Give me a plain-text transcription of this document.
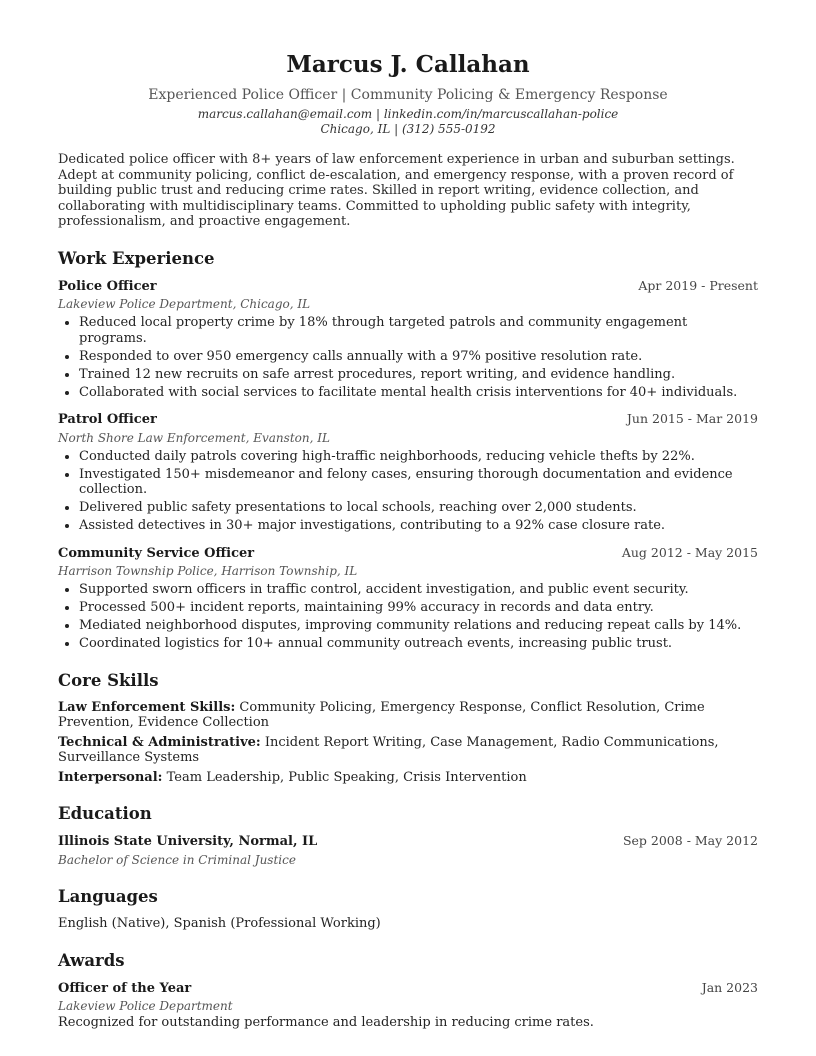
Marcus J. Callahan
Experienced Police Officer | Community Policing & Emergency Response
marcus.callahan@email.com | linkedin.com/in/marcuscallahan-police
Chicago, IL | (312) 555-0192
Dedicated police officer with 8+ years of law enforcement experience in urban and suburban settings. Adept at community policing, conflict de-escalation, and emergency response, with a proven record of building public trust and reducing crime rates. Skilled in report writing, evidence collection, and collaborating with multidisciplinary teams. Committed to upholding public safety with integrity, professionalism, and proactive engagement.
Work Experience
Police Officer	Apr 2019 - Present
Lakeview Police Department, Chicago, IL
• Reduced local property crime by 18% through targeted patrols and community engagement programs.
• Responded to over 950 emergency calls annually with a 97% positive resolution rate.
• Trained 12 new recruits on safe arrest procedures, report writing, and evidence handling.
• Collaborated with social services to facilitate mental health crisis interventions for 40+ individuals.
Patrol Officer	Jun 2015 - Mar 2019
North Shore Law Enforcement, Evanston, IL
• Conducted daily patrols covering high-traffic neighborhoods, reducing vehicle thefts by 22%.
• Investigated 150+ misdemeanor and felony cases, ensuring thorough documentation and evidence collection.
• Delivered public safety presentations to local schools, reaching over 2,000 students.
• Assisted detectives in 30+ major investigations, contributing to a 92% case closure rate.
Community Service Officer	Aug 2012 - May 2015
Harrison Township Police, Harrison Township, IL
• Supported sworn officers in traffic control, accident investigation, and public event security.
• Processed 500+ incident reports, maintaining 99% accuracy in records and data entry.
• Mediated neighborhood disputes, improving community relations and reducing repeat calls by 14%.
• Coordinated logistics for 10+ annual community outreach events, increasing public trust.
Core Skills
Law Enforcement Skills: Community Policing, Emergency Response, Conflict Resolution, Crime Prevention, Evidence Collection
Technical & Administrative: Incident Report Writing, Case Management, Radio Communications, Surveillance Systems
Interpersonal: Team Leadership, Public Speaking, Crisis Intervention
Education
Illinois State University, Normal, IL	Sep 2008 - May 2012
Bachelor of Science in Criminal Justice
Languages
English (Native), Spanish (Professional Working)
Awards
Officer of the Year	Jan 2023
Lakeview Police Department
Recognized for outstanding performance and leadership in reducing crime rates.
